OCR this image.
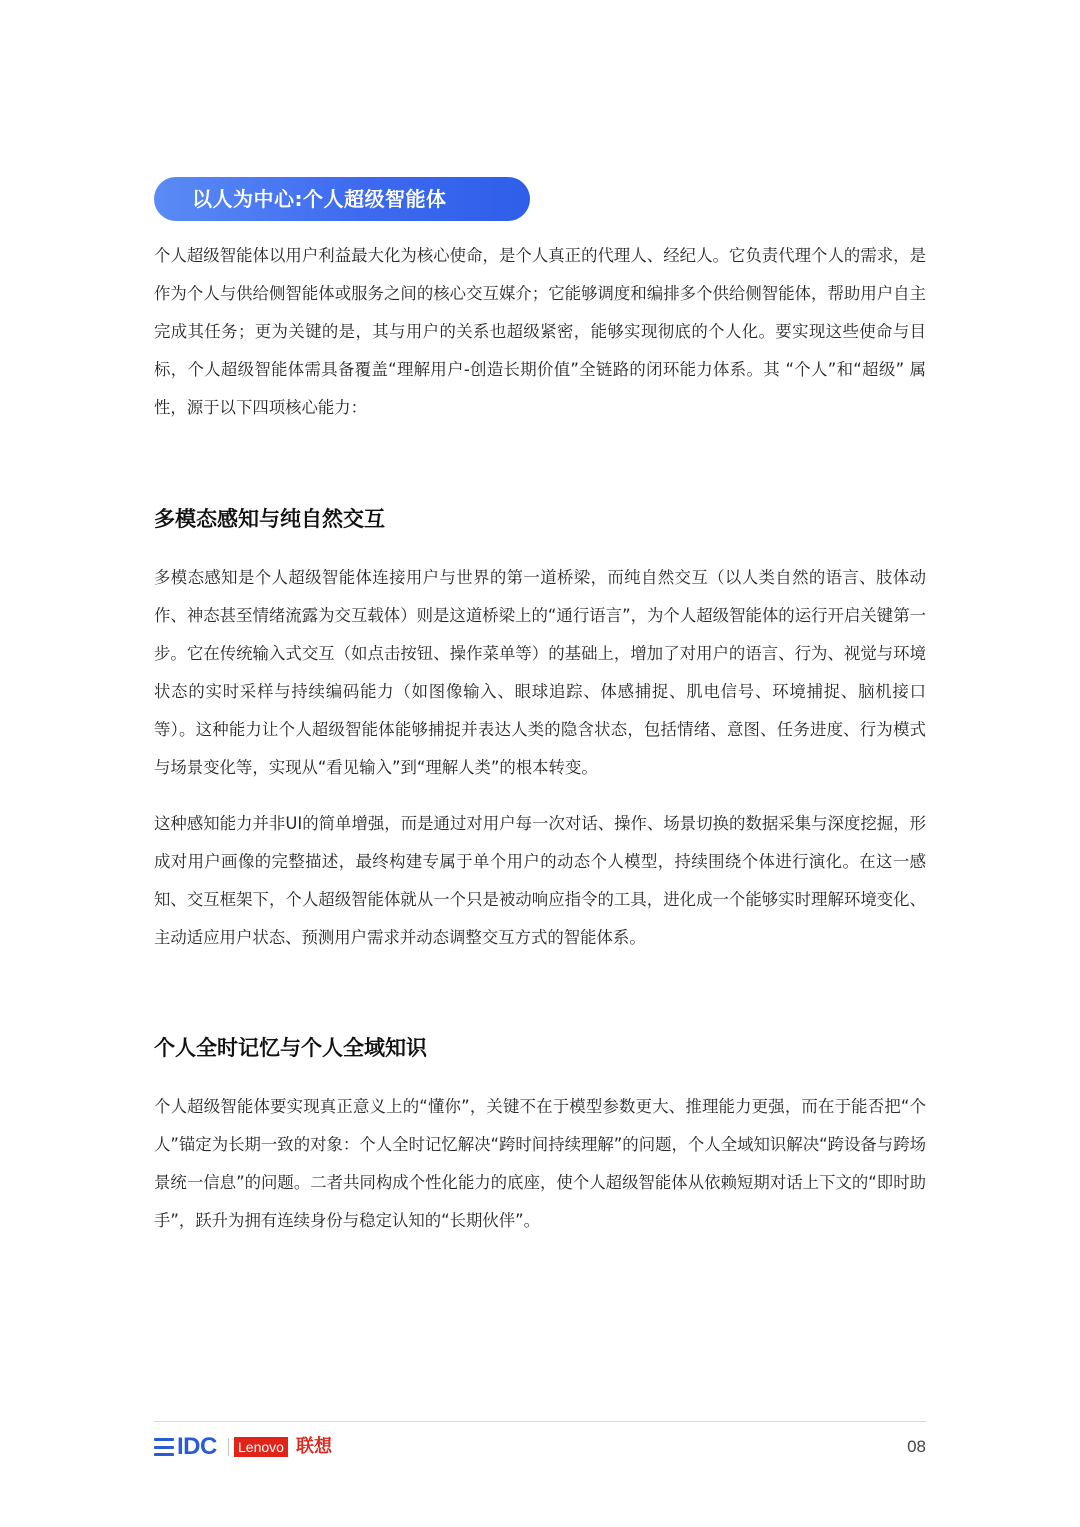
以人为中心:个人超级智能体

个人超级智能体以用户利益最大化为核心使命，是个人真正的代理人、经纪人。它负责代理个人的需求，是作为个人与供给侧智能体或服务之间的核心交互媒介；它能够调度和编排多个供给侧智能体，帮助用户自主完成其任务；更为关键的是，其与用户的关系也超级紧密，能够实现彻底的个人化。要实现这些使命与目标，个人超级智能体需具备覆盖“理解用户-创造长期价值”全链路的闭环能力体系。其 “个人”和“超级” 属性，源于以下四项核心能力：

多模态感知与纯自然交互

多模态感知是个人超级智能体连接用户与世界的第一道桥梁，而纯自然交互（以人类自然的语言、肢体动作、神态甚至情绪流露为交互载体）则是这道桥梁上的“通行语言”，为个人超级智能体的运行开启关键第一步。它在传统输入式交互（如点击按钮、操作菜单等）的基础上，增加了对用户的语言、行为、视觉与环境状态的实时采样与持续编码能力（如图像输入、眼球追踪、体感捕捉、肌电信号、环境捕捉、脑机接口等）。这种能力让个人超级智能体能够捕捉并表达人类的隐含状态，包括情绪、意图、任务进度、行为模式与场景变化等，实现从“看见输入”到“理解人类”的根本转变。

这种感知能力并非UI的简单增强，而是通过对用户每一次对话、操作、场景切换的数据采集与深度挖掘，形成对用户画像的完整描述，最终构建专属于单个用户的动态个人模型，持续围绕个体进行演化。在这一感知、交互框架下，个人超级智能体就从一个只是被动响应指令的工具，进化成一个能够实时理解环境变化、主动适应用户状态、预测用户需求并动态调整交互方式的智能体系。

个人全时记忆与个人全域知识

个人超级智能体要实现真正意义上的“懂你”，关键不在于模型参数更大、推理能力更强，而在于能否把“个人”锚定为长期一致的对象：个人全时记忆解决“跨时间持续理解”的问题，个人全域知识解决“跨设备与跨场景统一信息”的问题。二者共同构成个性化能力的底座，使个人超级智能体从依赖短期对话上下文的“即时助手”，跃升为拥有连续身份与稳定认知的“长期伙伴”。

IDC Lenovo 联想	08
